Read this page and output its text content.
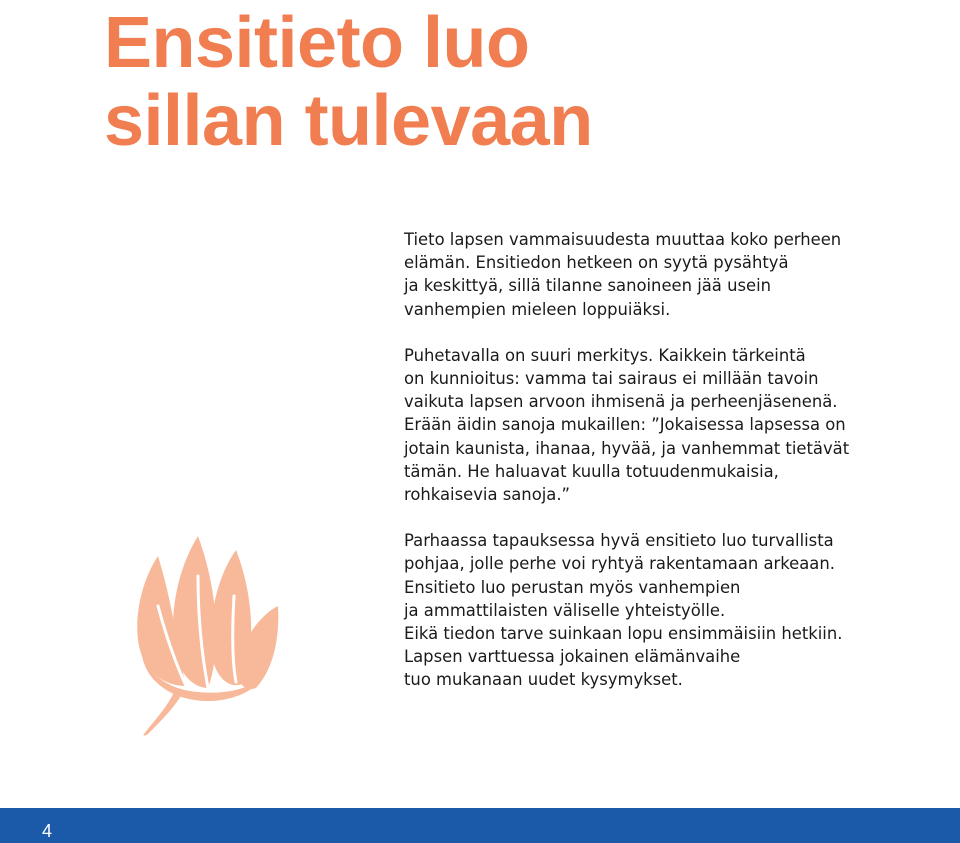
Ensitieto luo
sillan tulevaan

Tieto lapsen vammaisuudesta muuttaa koko perheen
elämän. Ensitiedon hetkeen on syytä pysähtyä
ja keskittyä, sillä tilanne sanoineen jää usein
vanhempien mieleen loppuiäksi.

Puhetavalla on suuri merkitys. Kaikkein tärkeintä
on kunnioitus: vamma tai sairaus ei millään tavoin
vaikuta lapsen arvoon ihmisenä ja perheenjäsenenä.
Erään äidin sanoja mukaillen: ”Jokaisessa lapsessa on
jotain kaunista, ihanaa, hyvää, ja vanhemmat tietävät
tämän. He haluavat kuulla totuudenmukaisia,
rohkaisevia sanoja.”

Parhaassa tapauksessa hyvä ensitieto luo turvallista
pohjaa, jolle perhe voi ryhtyä rakentamaan arkeaan.
Ensitieto luo perustan myös vanhempien
ja ammattilaisten väliselle yhteistyölle.
Eikä tiedon tarve suinkaan lopu ensimmäisiin hetkiin.
Lapsen varttuessa jokainen elämänvaihe
tuo mukanaan uudet kysymykset.

4
